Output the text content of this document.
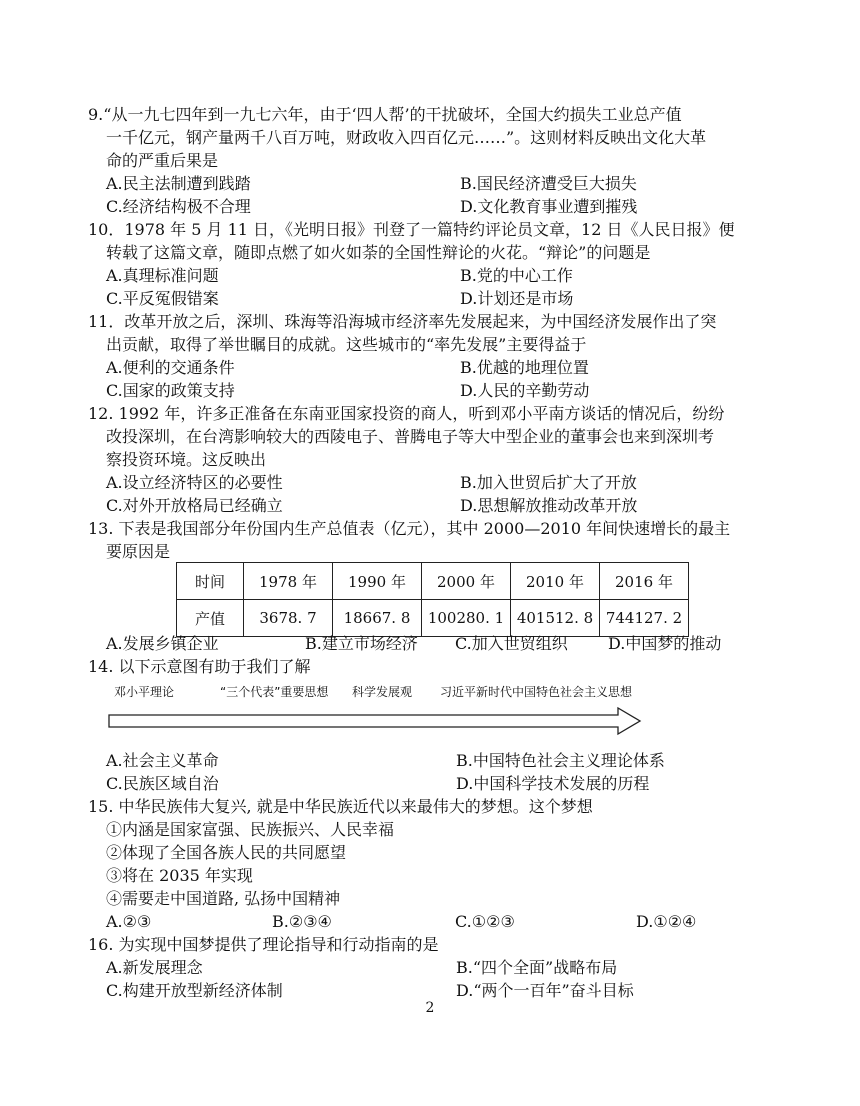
9.“从一九七四年到一九七六年，由于‘四人帮’的干扰破坏，全国大约损失工业总产值
一千亿元，钢产量两千八百万吨，财政收入四百亿元……”。这则材料反映出文化大革
命的严重后果是
A.民主法制遭到践踏	B.国民经济遭受巨大损失
C.经济结构极不合理	D.文化教育事业遭到摧残
10．1978 年 5 月 11 日，《光明日报》刊登了一篇特约评论员文章，12 日《人民日报》便
转载了这篇文章，随即点燃了如火如荼的全国性辩论的火花。“辩论”的问题是
A.真理标准问题	B.党的中心工作
C.平反冤假错案	D.计划还是市场
11．改革开放之后，深圳、珠海等沿海城市经济率先发展起来，为中国经济发展作出了突
出贡献，取得了举世瞩目的成就。这些城市的“率先发展”主要得益于
A.便利的交通条件	B.优越的地理位置
C.国家的政策支持	D.人民的辛勤劳动
12. 1992 年，许多正准备在东南亚国家投资的商人，听到邓小平南方谈话的情况后，纷纷
改投深圳，在台湾影响较大的西陵电子、普腾电子等大中型企业的董事会也来到深圳考
察投资环境。这反映出
A.设立经济特区的必要性	B.加入世贸后扩大了开放
C.对外开放格局已经确立	D.思想解放推动改革开放
13. 下表是我国部分年份国内生产总值表（亿元），其中 2000—2010 年间快速增长的最主
要原因是
时间	1978 年	1990 年	2000 年	2010 年	2016 年
产值	3678. 7	18667. 8	100280. 1	401512. 8	744127. 2
A.发展乡镇企业	B.建立市场经济 C.加入世贸组织	D.中国梦的推动
14. 以下示意图有助于我们了解
邓小平理论	“三个代表”重要思想 科学发展观 习近平新时代中国特色社会主义思想
A.社会主义革命	B.中国特色社会主义理论体系
C.民族区域自治	D.中国科学技术发展的历程
15. 中华民族伟大复兴, 就是中华民族近代以来最伟大的梦想。这个梦想
①内涵是国家富强、民族振兴、人民幸福
②体现了全国各族人民的共同愿望
③将在 2035 年实现
④需要走中国道路, 弘扬中国精神
A.②③	B.②③④	C.①②③	D.①②④
16. 为实现中国梦提供了理论指导和行动指南的是
A.新发展理念	B.“四个全面”战略布局
C.构建开放型新经济体制	D.“两个一百年”奋斗目标
2
